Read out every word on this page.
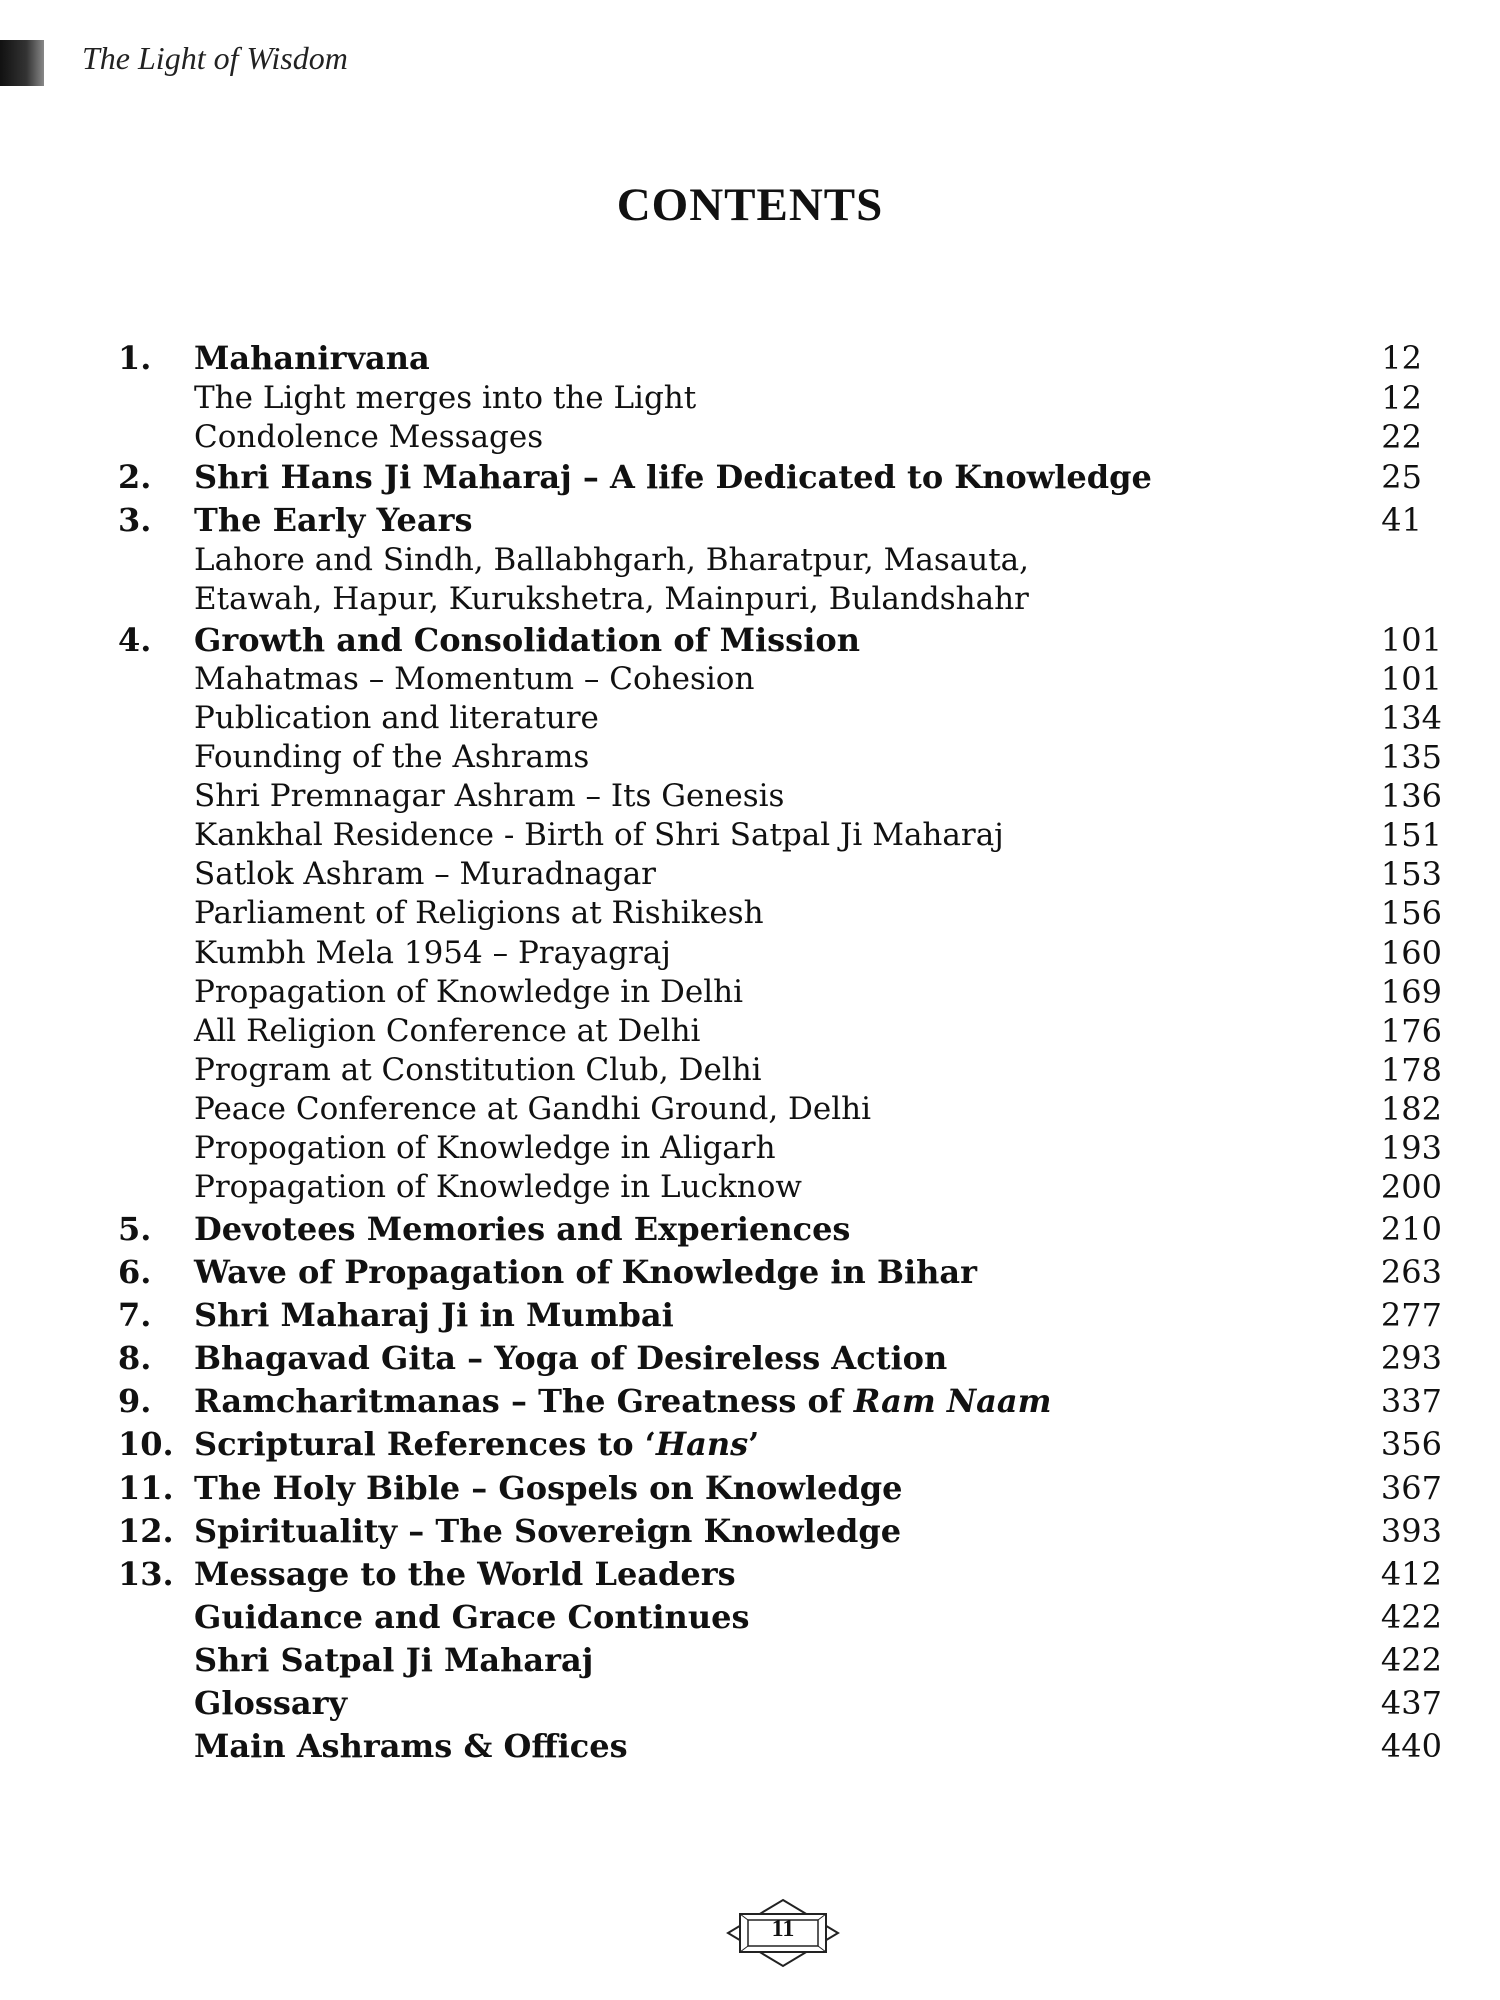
The Light of Wisdom
CONTENTS
1. Mahanirvana	12
The Light merges into the Light	12
Condolence Messages	22
2. Shri Hans Ji Maharaj – A life Dedicated to Knowledge	25
3. The Early Years	41
Lahore and Sindh, Ballabhgarh, Bharatpur, Masauta,
Etawah, Hapur, Kurukshetra, Mainpuri, Bulandshahr
4. Growth and Consolidation of Mission	101
Mahatmas – Momentum – Cohesion	101
Publication and literature	134
Founding of the Ashrams	135
Shri Premnagar Ashram – Its Genesis	136
Kankhal Residence - Birth of Shri Satpal Ji Maharaj	151
Satlok Ashram – Muradnagar	153
Parliament of Religions at Rishikesh	156
Kumbh Mela 1954 – Prayagraj	160
Propagation of Knowledge in Delhi	169
All Religion Conference at Delhi	176
Program at Constitution Club, Delhi	178
Peace Conference at Gandhi Ground, Delhi	182
Propogation of Knowledge in Aligarh	193
Propagation of Knowledge in Lucknow	200
5. Devotees Memories and Experiences	210
6. Wave of Propagation of Knowledge in Bihar	263
7. Shri Maharaj Ji in Mumbai	277
8. Bhagavad Gita – Yoga of Desireless Action	293
9. Ramcharitmanas – The Greatness of Ram Naam	337
10. Scriptural References to ‘Hans’	356
11. The Holy Bible – Gospels on Knowledge	367
12. Spirituality – The Sovereign Knowledge	393
13. Message to the World Leaders	412
Guidance and Grace Continues	422
Shri Satpal Ji Maharaj	422
Glossary	437
Main Ashrams & Offices	440
11
